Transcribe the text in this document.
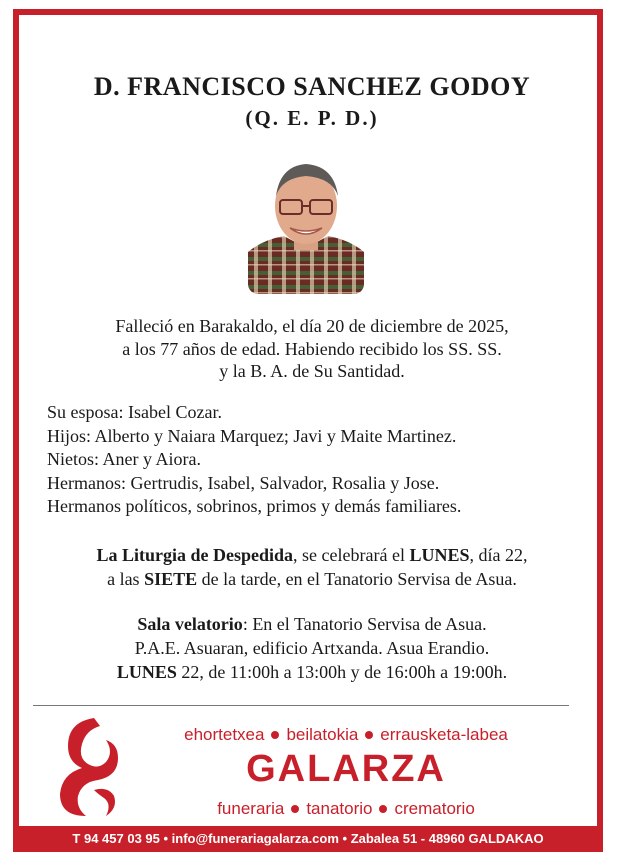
D. FRANCISCO SANCHEZ GODOY
(Q. E. P. D.)
Falleció en Barakaldo, el día 20 de diciembre de 2025,
a los 77 años de edad. Habiendo recibido los SS. SS.
y la B. A. de Su Santidad.
Su esposa: Isabel Cozar.
Hijos: Alberto y Naiara Marquez; Javi y Maite Martinez.
Nietos: Aner y Aiora.
Hermanos: Gertrudis, Isabel, Salvador, Rosalia y Jose.
Hermanos políticos, sobrinos, primos y demás familiares.
La Liturgia de Despedida, se celebrará el LUNES, día 22,
a las SIETE de la tarde, en el Tanatorio Servisa de Asua.
Sala velatorio: En el Tanatorio Servisa de Asua.
P.A.E. Asuaran, edificio Artxanda. Asua Erandio.
LUNES 22, de 11:00h a 13:00h y de 16:00h a 19:00h.
ehortetxea beilatokia errausketa-labea
GALARZA
funeraria tanatorio crematorio
T 94 457 03 95 • info@funerariagalarza.com • Zabalea 51 - 48960 GALDAKAO
